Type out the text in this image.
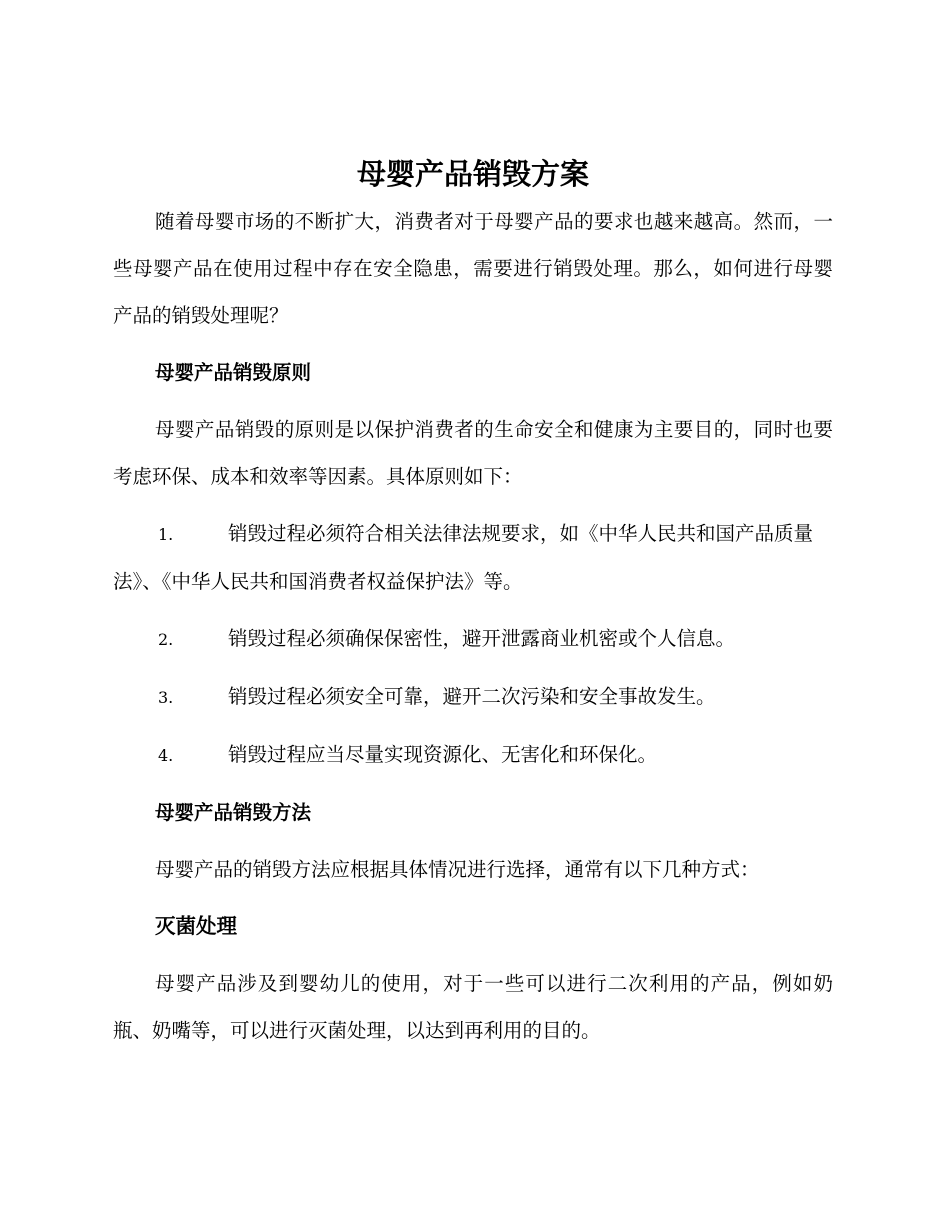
母婴产品销毁方案

随着母婴市场的不断扩大，消费者对于母婴产品的要求也越来越高。然而，一些母婴产品在使用过程中存在安全隐患，需要进行销毁处理。那么，如何进行母婴产品的销毁处理呢？

母婴产品销毁原则

母婴产品销毁的原则是以保护消费者的生命安全和健康为主要目的，同时也要考虑环保、成本和效率等因素。具体原则如下：

1.	销毁过程必须符合相关法律法规要求，如《中华人民共和国产品质量法》、《中华人民共和国消费者权益保护法》等。
2.	销毁过程必须确保保密性，避开泄露商业机密或个人信息。
3.	销毁过程必须安全可靠，避开二次污染和安全事故发生。
4.	销毁过程应当尽量实现资源化、无害化和环保化。
母婴产品销毁方法

母婴产品的销毁方法应根据具体情况进行选择，通常有以下几种方式：

灭菌处理

母婴产品涉及到婴幼儿的使用，对于一些可以进行二次利用的产品，例如奶瓶、奶嘴等，可以进行灭菌处理，以达到再利用的目的。
